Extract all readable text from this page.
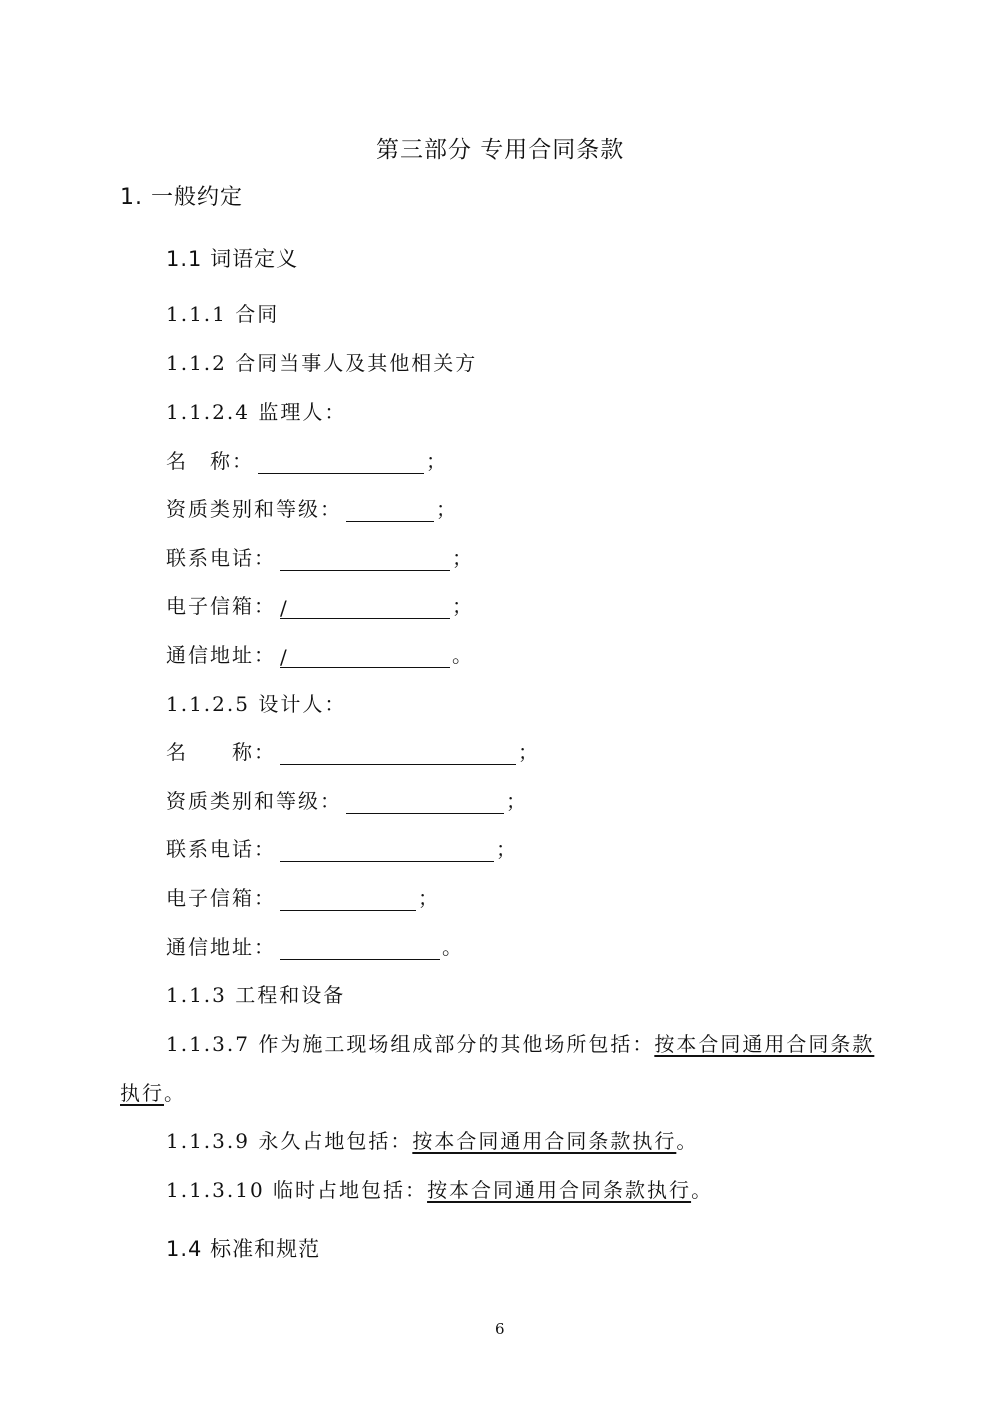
第三部分 专用合同条款
1. 一般约定
1.1 词语定义
1.1.1 合同
1.1.2 合同当事人及其他相关方
1.1.2.4 监理人：
名　称：	；
资质类别和等级：	；
联系电话：	；
电子信箱： /	；
通信地址： /	。
1.1.2.5 设计人：
名　　称：	；
资质类别和等级：	；
联系电话：	；
电子信箱：	；
通信地址：	。
1.1.3 工程和设备
1.1.3.7 作为施工现场组成部分的其他场所包括：按本合同通用合同条款
执行。
1.1.3.9 永久占地包括：按本合同通用合同条款执行。
1.1.3.10 临时占地包括：按本合同通用合同条款执行。
1.4 标准和规范
6
